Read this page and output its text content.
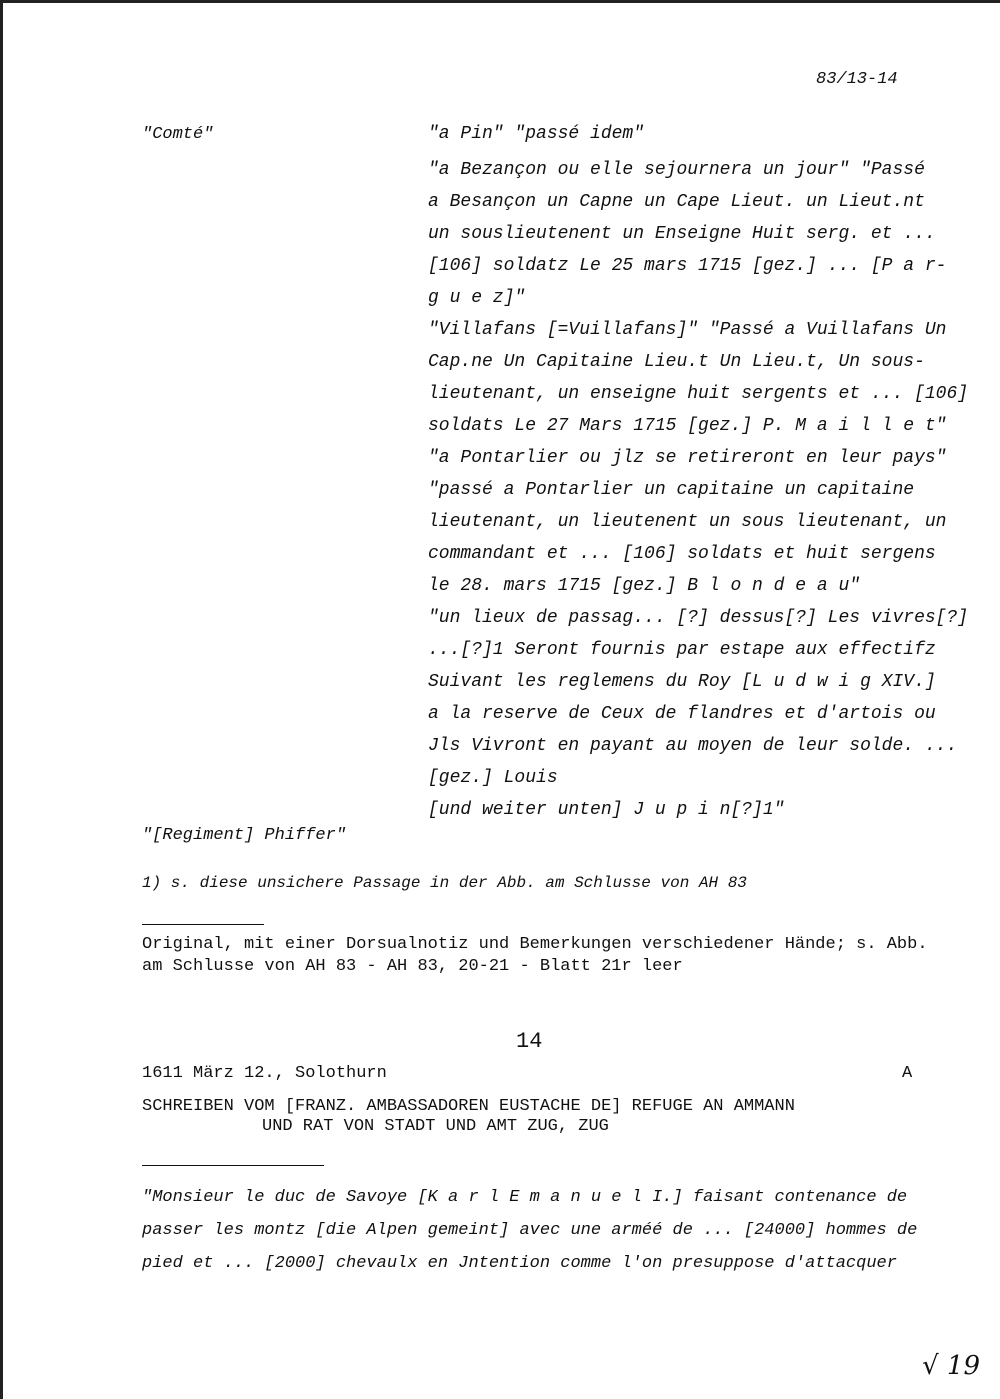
83/13-14
"Comté"
"[Regiment] Phiffer"
"a Pin" "passé idem"
"a Bezançon ou elle sejournera un jour" "Passé
a Besançon un Capne un Cape Lieut. un Lieut.nt
un souslieutenent un Enseigne Huit serg. et ...
[106] soldatz Le 25 mars 1715 [gez.] ... [P a r-
g u e z]"
"Villafans [=Vuillafans]" "Passé a Vuillafans Un
Cap.ne Un Capitaine Lieu.t Un Lieu.t, Un sous-
lieutenant, un enseigne huit sergents et ... [106]
soldats Le 27 Mars 1715 [gez.] P. M a i l l e t"
"a Pontarlier ou jlz se retireront en leur pays"
"passé a Pontarlier un capitaine un capitaine
lieutenant, un lieutenent un sous lieutenant, un
commandant et ... [106] soldats et huit sergens
le 28. mars 1715 [gez.] B l o n d e a u"
"un lieux de passag... [?] dessus[?] Les vivres[?]
...[?]1 Seront fournis par estape aux effectifz
Suivant les reglemens du Roy [L u d w i g XIV.]
a la reserve de Ceux de flandres et d'artois ou
Jls Vivront en payant au moyen de leur solde. ...
[gez.] Louis
[und weiter unten] J u p i n[?]1"
1) s. diese unsichere Passage in der Abb. am Schlusse von AH 83
Original, mit einer Dorsualnotiz und Bemerkungen verschiedener Hände; s. Abb.
am Schlusse von AH 83 - AH 83, 20-21 - Blatt 21r leer
14
1611 März 12., Solothurn	A
SCHREIBEN VOM [FRANZ. AMBASSADOREN EUSTACHE DE] REFUGE AN AMMANN
UND RAT VON STADT UND AMT ZUG, ZUG
"Monsieur le duc de Savoye [K a r l E m a n u e l I.] faisant contenance de
passer les montz [die Alpen gemeint] avec une arméé de ... [24000] hommes de
pied et ... [2000] chevaulx en Jntention comme l'on presuppose d'attacquer
√ 19
